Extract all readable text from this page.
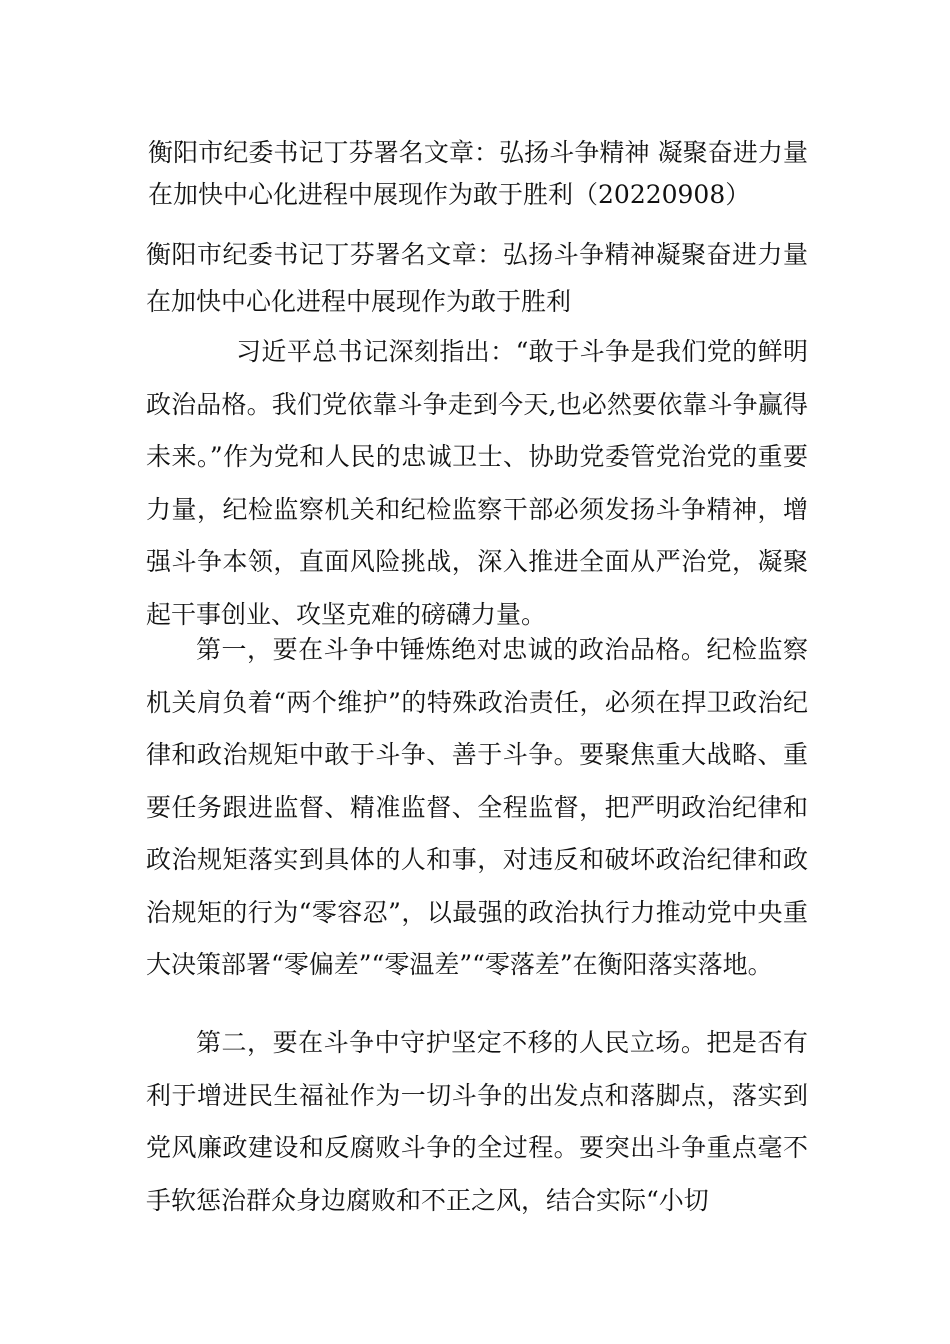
衡阳市纪委书记丁芬署名文章：弘扬斗争精神 凝聚奋进力量 在加快中心化进程中展现作为敢于胜利（20220908）
衡阳市纪委书记丁芬署名文章：弘扬斗争精神凝聚奋进力量在加快中心化进程中展现作为敢于胜利

习近平总书记深刻指出：“敢于斗争是我们党的鲜明政治品格。我们党依靠斗争走到今天,也必然要依靠斗争赢得未来。”作为党和人民的忠诚卫士、协助党委管党治党的重要力量，纪检监察机关和纪检监察干部必须发扬斗争精神，增强斗争本领，直面风险挑战，深入推进全面从严治党，凝聚起干事创业、攻坚克难的磅礴力量。

第一，要在斗争中锤炼绝对忠诚的政治品格。纪检监察机关肩负着“两个维护”的特殊政治责任，必须在捍卫政治纪律和政治规矩中敢于斗争、善于斗争。要聚焦重大战略、重要任务跟进监督、精准监督、全程监督，把严明政治纪律和政治规矩落实到具体的人和事，对违反和破坏政治纪律和政治规矩的行为“零容忍”，以最强的政治执行力推动党中央重大决策部署“零偏差”“零温差”“零落差”在衡阳落实落地。

第二，要在斗争中守护坚定不移的人民立场。把是否有利于增进民生福祉作为一切斗争的出发点和落脚点，落实到党风廉政建设和反腐败斗争的全过程。要突出斗争重点毫不手软惩治群众身边腐败和不正之风，结合实际“小切
